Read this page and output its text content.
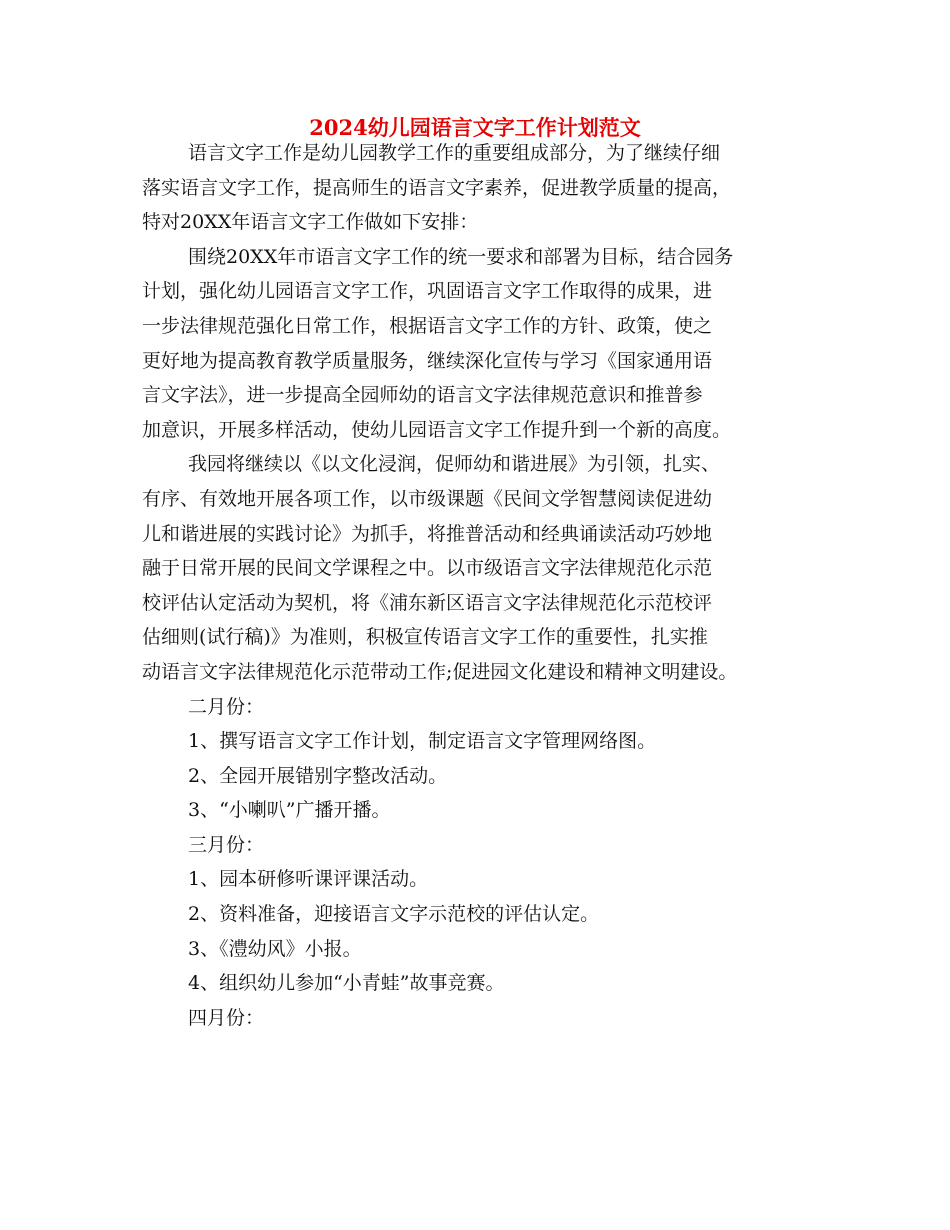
2024幼儿园语言文字工作计划范文
语言文字工作是幼儿园教学工作的重要组成部分，为了继续仔细
落实语言文字工作，提高师生的语言文字素养，促进教学质量的提高，
特对20XX年语言文字工作做如下安排：
围绕20XX年市语言文字工作的统一要求和部署为目标，结合园务
计划，强化幼儿园语言文字工作，巩固语言文字工作取得的成果，进
一步法律规范强化日常工作，根据语言文字工作的方针、政策，使之
更好地为提高教育教学质量服务，继续深化宣传与学习《国家通用语
言文字法》，进一步提高全园师幼的语言文字法律规范意识和推普参
加意识，开展多样活动，使幼儿园语言文字工作提升到一个新的高度。
我园将继续以《以文化浸润，促师幼和谐进展》为引领，扎实、
有序、有效地开展各项工作，以市级课题《民间文学智慧阅读促进幼
儿和谐进展的实践讨论》为抓手，将推普活动和经典诵读活动巧妙地
融于日常开展的民间文学课程之中。以市级语言文字法律规范化示范
校评估认定活动为契机，将《浦东新区语言文字法律规范化示范校评
估细则(试行稿)》为准则，积极宣传语言文字工作的重要性，扎实推
动语言文字法律规范化示范带动工作;促进园文化建设和精神文明建设。
二月份：
1、撰写语言文字工作计划，制定语言文字管理网络图。
2、全园开展错别字整改活动。
3、“小喇叭”广播开播。
三月份：
1、园本研修听课评课活动。
2、资料准备，迎接语言文字示范校的评估认定。
3、《澧幼风》小报。
4、组织幼儿参加“小青蛙”故事竞赛。
四月份：
